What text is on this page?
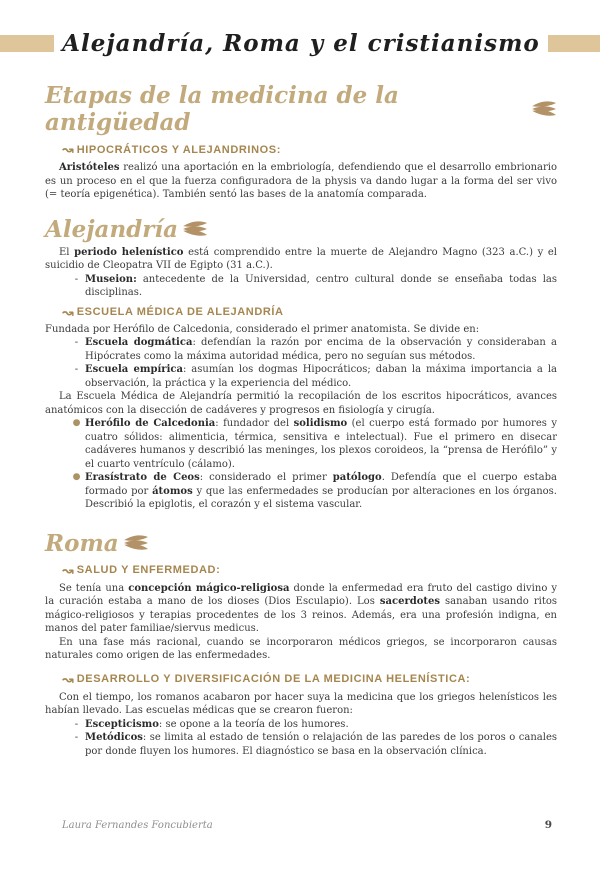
Alejandría, Roma y el cristianismo
Etapas de la medicina de la antigüedad
↝ HIPOCRÁTICOS Y ALEJANDRINOS:

Aristóteles realizó una aportación en la embriología, defendiendo que el desarrollo embrionario es un proceso en el que la fuerza configuradora de la physis va dando lugar a la forma del ser vivo (= teoría epigenética). También sentó las bases de la anatomía comparada.

Alejandría

El periodo helenístico está comprendido entre la muerte de Alejandro Magno (323 a.C.) y el suicidio de Cleopatra VII de Egipto (31 a.C.).

- Museion: antecedente de la Universidad, centro cultural donde se enseñaba todas las disciplinas.

↝ ESCUELA MÉDICA DE ALEJANDRÍA

Fundada por Herófilo de Calcedonia, considerado el primer anatomista. Se divide en:

- Escuela dogmática: defendían la razón por encima de la observación y consideraban a Hipócrates como la máxima autoridad médica, pero no seguían sus métodos.

- Escuela empírica: asumían los dogmas Hipocráticos; daban la máxima importancia a la observación, la práctica y la experiencia del médico.

La Escuela Médica de Alejandría permitió la recopilación de los escritos hipocráticos, avances anatómicos con la disección de cadáveres y progresos en fisiología y cirugía.

● Herófilo de Calcedonia: fundador del solidismo (el cuerpo está formado por humores y cuatro sólidos: alimenticia, térmica, sensitiva e intelectual). Fue el primero en disecar cadáveres humanos y describió las meninges, los plexos coroideos, la “prensa de Herófilo” y el cuarto ventrículo (cálamo).

● Erasístrato de Ceos: considerado el primer patólogo. Defendía que el cuerpo estaba formado por átomos y que las enfermedades se producían por alteraciones en los órganos. Describió la epiglotis, el corazón y el sistema vascular.

Roma
↝ SALUD Y ENFERMEDAD:

Se tenía una concepción mágico-religiosa donde la enfermedad era fruto del castigo divino y la curación estaba a mano de los dioses (Dios Esculapio). Los sacerdotes sanaban usando ritos mágico-religiosos y terapias procedentes de los 3 reinos. Además, era una profesión indigna, en manos del pater familiae/siervus medicus.

En una fase más racional, cuando se incorporaron médicos griegos, se incorporaron causas naturales como origen de las enfermedades.

↝ DESARROLLO Y DIVERSIFICACIÓN DE LA MEDICINA HELENÍSTICA:

Con el tiempo, los romanos acabaron por hacer suya la medicina que los griegos helenísticos les habían llevado. Las escuelas médicas que se crearon fueron:

- Escepticismo: se opone a la teoría de los humores.

- Metódicos: se limita al estado de tensión o relajación de las paredes de los poros o canales por donde fluyen los humores. El diagnóstico se basa en la observación clínica.

Laura Fernandes Foncubierta	9
